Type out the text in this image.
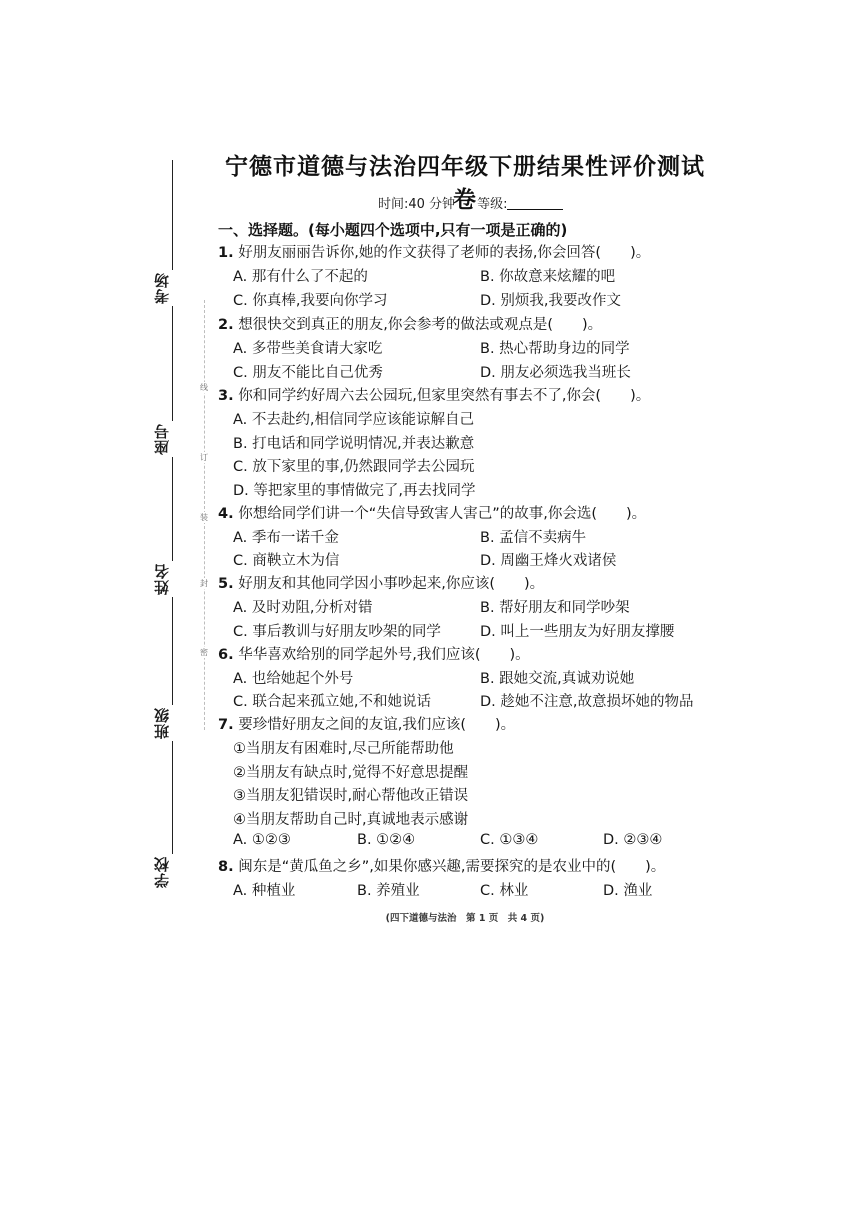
考场
座号
姓名
班级
学校
线
订
装
封
密
宁德市道德与法治四年级下册结果性评价测试卷
时间:40 分钟 等级:
一、选择题。(每小题四个选项中,只有一项是正确的)
1. 好朋友丽丽告诉你,她的作文获得了老师的表扬,你会回答(　　)。
A. 那有什么了不起的	B. 你故意来炫耀的吧
C. 你真棒,我要向你学习	D. 别烦我,我要改作文
2. 想很快交到真正的朋友,你会参考的做法或观点是(　　)。
A. 多带些美食请大家吃	B. 热心帮助身边的同学
C. 朋友不能比自己优秀	D. 朋友必须选我当班长
3. 你和同学约好周六去公园玩,但家里突然有事去不了,你会(　　)。
A. 不去赴约,相信同学应该能谅解自己
B. 打电话和同学说明情况,并表达歉意
C. 放下家里的事,仍然跟同学去公园玩
D. 等把家里的事情做完了,再去找同学
4. 你想给同学们讲一个“失信导致害人害己”的故事,你会选(　　)。
A. 季布一诺千金	B. 孟信不卖病牛
C. 商鞅立木为信	D. 周幽王烽火戏诸侯
5. 好朋友和其他同学因小事吵起来,你应该(　　)。
A. 及时劝阻,分析对错	B. 帮好朋友和同学吵架
C. 事后教训与好朋友吵架的同学	D. 叫上一些朋友为好朋友撑腰
6. 华华喜欢给别的同学起外号,我们应该(　　)。
A. 也给她起个外号	B. 跟她交流,真诚劝说她
C. 联合起来孤立她,不和她说话	D. 趁她不注意,故意损坏她的物品
7. 要珍惜好朋友之间的友谊,我们应该(　　)。
①当朋友有困难时,尽己所能帮助他
②当朋友有缺点时,觉得不好意思提醒
③当朋友犯错误时,耐心帮他改正错误
④当朋友帮助自己时,真诚地表示感谢
A. ①②③	B. ①②④	C. ①③④	D. ②③④
8. 闽东是“黄瓜鱼之乡”,如果你感兴趣,需要探究的是农业中的(　　)。
A. 种植业	B. 养殖业	C. 林业	D. 渔业
(四下道德与法治　第 1 页　共 4 页)
